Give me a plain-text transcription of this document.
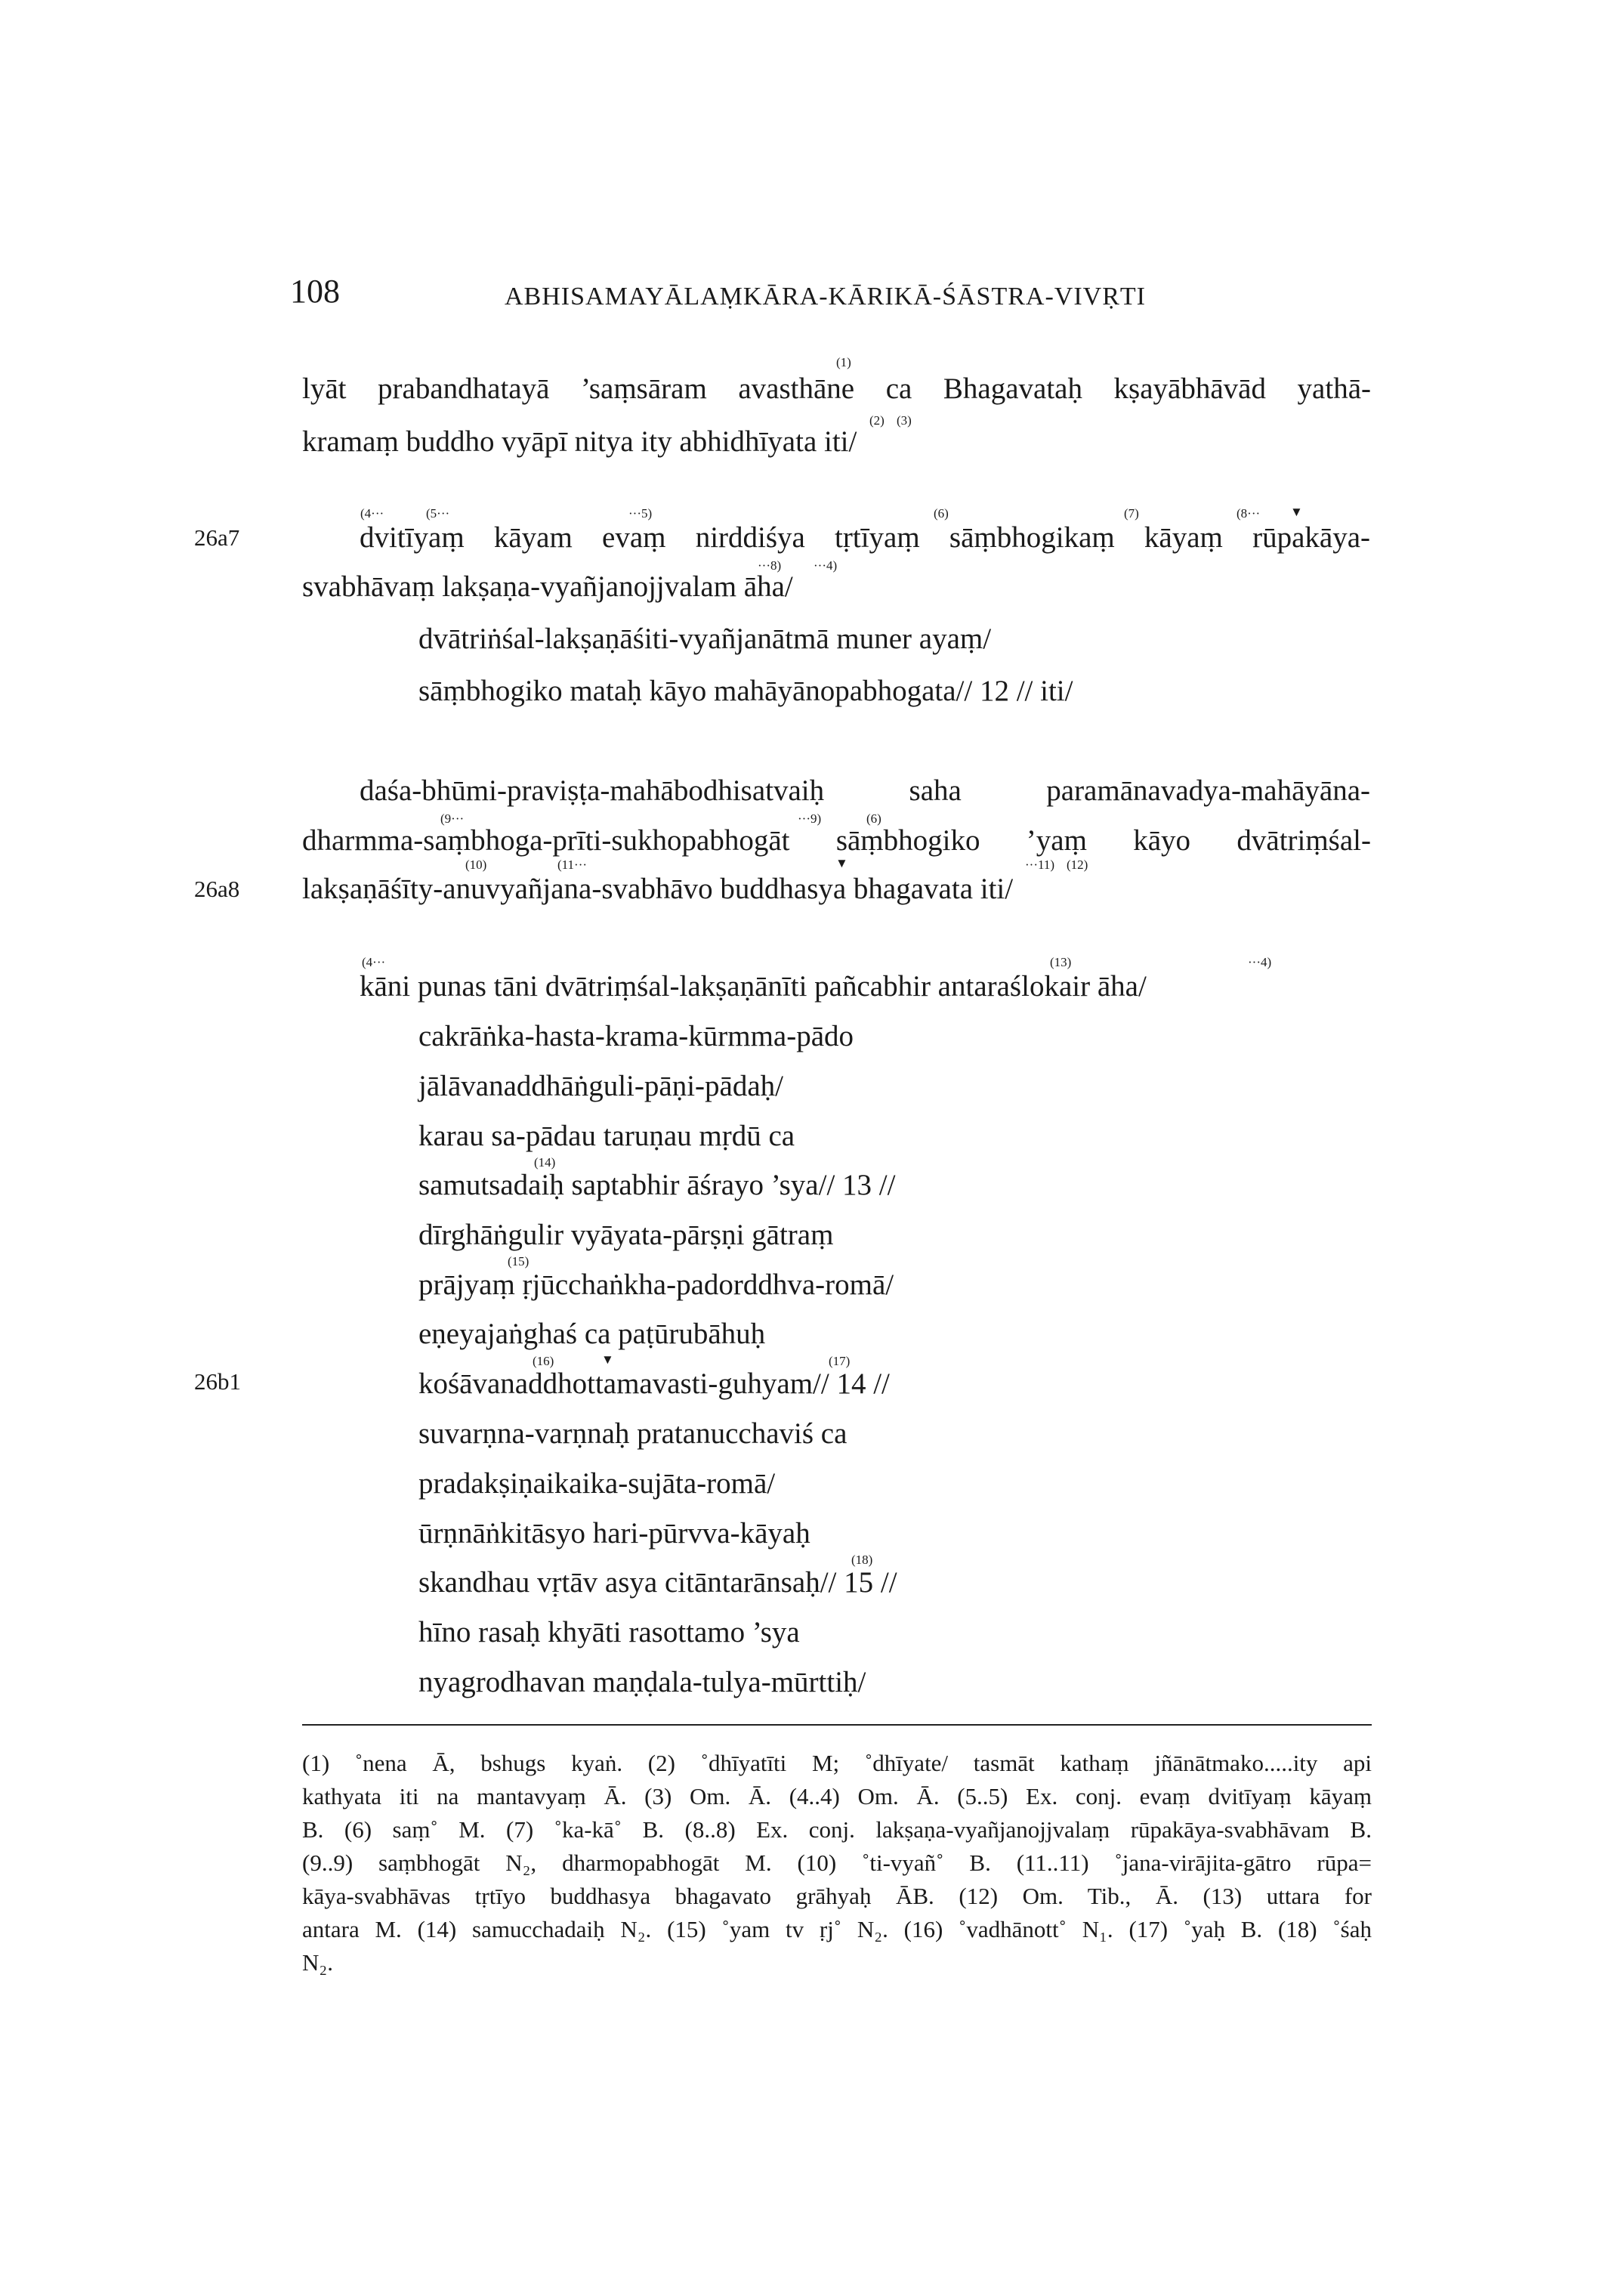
108	ABHISAMAYĀLAṂKĀRA-KĀRIKĀ-ŚĀSTRA-VIVṚTI
26a7
26a8
26b1
(1)
lyāt prabandhatayā ’saṃsāram avasthāne ca Bhagavataḥ kṣayābhāvād yathā-
(2) (3)
kramaṃ buddho vyāpī nitya ity abhidhīyata iti/
(4···	(5···	···5)	(6)	(7)	(8··· ▼
dvitīyaṃ kāyam evaṃ nirddiśya tṛtīyaṃ sāṃbhogikaṃ kāyaṃ rūpakāya-
···8)	···4)
svabhāvaṃ lakṣaṇa-vyañjanojjvalam āha/
dvātriṅśal-lakṣaṇāśiti-vyañjanātmā muner ayaṃ/
sāṃbhogiko mataḥ kāyo mahāyānopabhogata// 12 // iti/
daśa-bhūmi-praviṣṭa-mahābodhisatvaiḥ saha paramānavadya-mahāyāna-
(9···	···9)	(6)
dharmma-saṃbhoga-prīti-sukhopabhogāt sāṃbhogiko ’yaṃ kāyo dvātriṃśal-
(10)	(11···	▼	···11) (12)
lakṣaṇāśīty-anuvyañjana-svabhāvo buddhasya bhagavata iti/
(4···	(13)	···4)
kāni punas tāni dvātriṃśal-lakṣaṇānīti pañcabhir antaraślokair āha/
cakrāṅka-hasta-krama-kūrmma-pādo
jālāvanaddhāṅguli-pāṇi-pādaḥ/
karau sa-pādau taruṇau mṛdū ca
(14)
samutsadaiḥ saptabhir āśrayo ’sya// 13 //
dīrghāṅgulir vyāyata-pārṣṇi gātraṃ
(15)
prājyaṃ ṛjūcchaṅkha-padorddhva-romā/
eṇeyajaṅghaś ca paṭūrubāhuḥ
(16)	▼	(17)
kośāvanaddhottamavasti-guhyam// 14 //
suvarṇna-varṇnaḥ pratanucchaviś ca
pradakṣiṇaikaika-sujāta-romā/
ūrṇnāṅkitāsyo hari-pūrvva-kāyaḥ
(18)
skandhau vṛtāv asya citāntarānsaḥ// 15 //
hīno rasaḥ khyāti rasottamo ’sya
nyagrodhavan maṇḍala-tulya-mūrttiḥ/
(1) ˚nena Ā, bshugs kyaṅ. (2) ˚dhīyatīti M; ˚dhīyate/ tasmāt kathaṃ jñānātmako.....ity api
kathyata iti na mantavyaṃ Ā. (3) Om. Ā. (4..4) Om. Ā. (5..5) Ex. conj. evaṃ dvitīyaṃ kāyaṃ
B. (6) saṃ˚ M. (7) ˚ka-kā˚ B. (8..8) Ex. conj. lakṣaṇa-vyañjanojjvalaṃ rūpakāya-svabhāvam B.
(9..9) saṃbhogāt N₂, dharmopabhogāt M. (10) ˚ti-vyañ˚ B. (11..11) ˚jana-virājita-gātro rūpa=
kāya-svabhāvas tṛtīyo buddhasya bhagavato grāhyaḥ ĀB. (12) Om. Tib., Ā. (13) uttara for
antara M. (14) samucchadaiḥ N₂. (15) ˚yam tv ṛj˚ N₂. (16) ˚vadhānott˚ N₁. (17) ˚yaḥ B. (18) ˚śaḥ
N₂.
